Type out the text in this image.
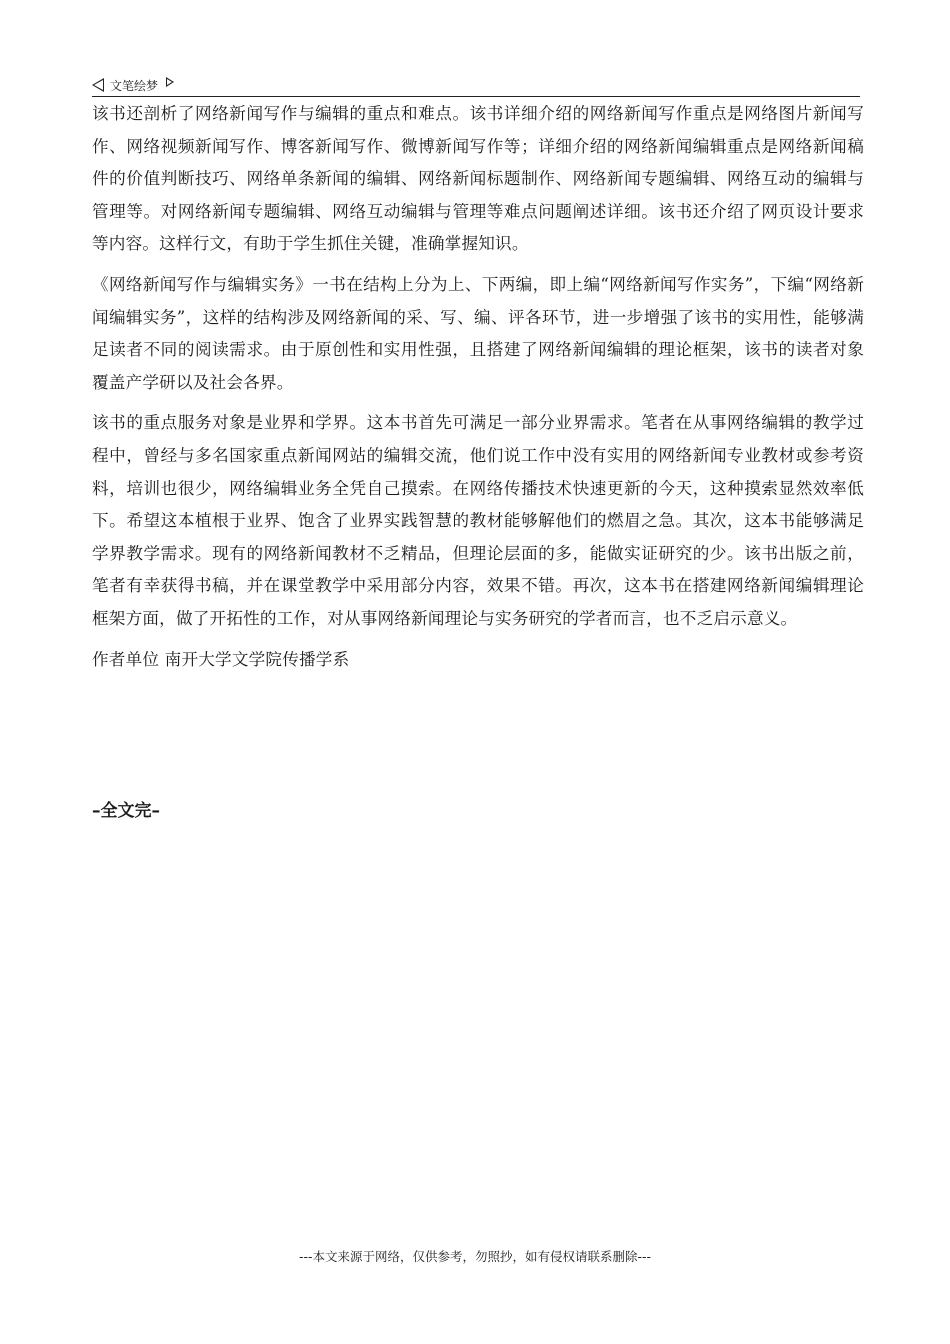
文笔绘梦

该书还剖析了网络新闻写作与编辑的重点和难点。该书详细介绍的网络新闻写作重点是网络图片新闻写作、网络视频新闻写作、博客新闻写作、微博新闻写作等；详细介绍的网络新闻编辑重点是网络新闻稿件的价值判断技巧、网络单条新闻的编辑、网络新闻标题制作、网络新闻专题编辑、网络互动的编辑与管理等。对网络新闻专题编辑、网络互动编辑与管理等难点问题阐述详细。该书还介绍了网页设计要求等内容。这样行文，有助于学生抓住关键，准确掌握知识。

《网络新闻写作与编辑实务》一书在结构上分为上、下两编，即上编“网络新闻写作实务”，下编“网络新闻编辑实务”，这样的结构涉及网络新闻的采、写、编、评各环节，进一步增强了该书的实用性，能够满足读者不同的阅读需求。由于原创性和实用性强，且搭建了网络新闻编辑的理论框架，该书的读者对象覆盖产学研以及社会各界。

该书的重点服务对象是业界和学界。这本书首先可满足一部分业界需求。笔者在从事网络编辑的教学过程中，曾经与多名国家重点新闻网站的编辑交流，他们说工作中没有实用的网络新闻专业教材或参考资料，培训也很少，网络编辑业务全凭自己摸索。在网络传播技术快速更新的今天，这种摸索显然效率低下。希望这本植根于业界、饱含了业界实践智慧的教材能够解他们的燃眉之急。其次，这本书能够满足学界教学需求。现有的网络新闻教材不乏精品，但理论层面的多，能做实证研究的少。该书出版之前，笔者有幸获得书稿，并在课堂教学中采用部分内容，效果不错。再次，这本书在搭建网络新闻编辑理论框架方面，做了开拓性的工作，对从事网络新闻理论与实务研究的学者而言，也不乏启示意义。

作者单位 南开大学文学院传播学系

–全文完–
---本文来源于网络，仅供参考，勿照抄，如有侵权请联系删除---
